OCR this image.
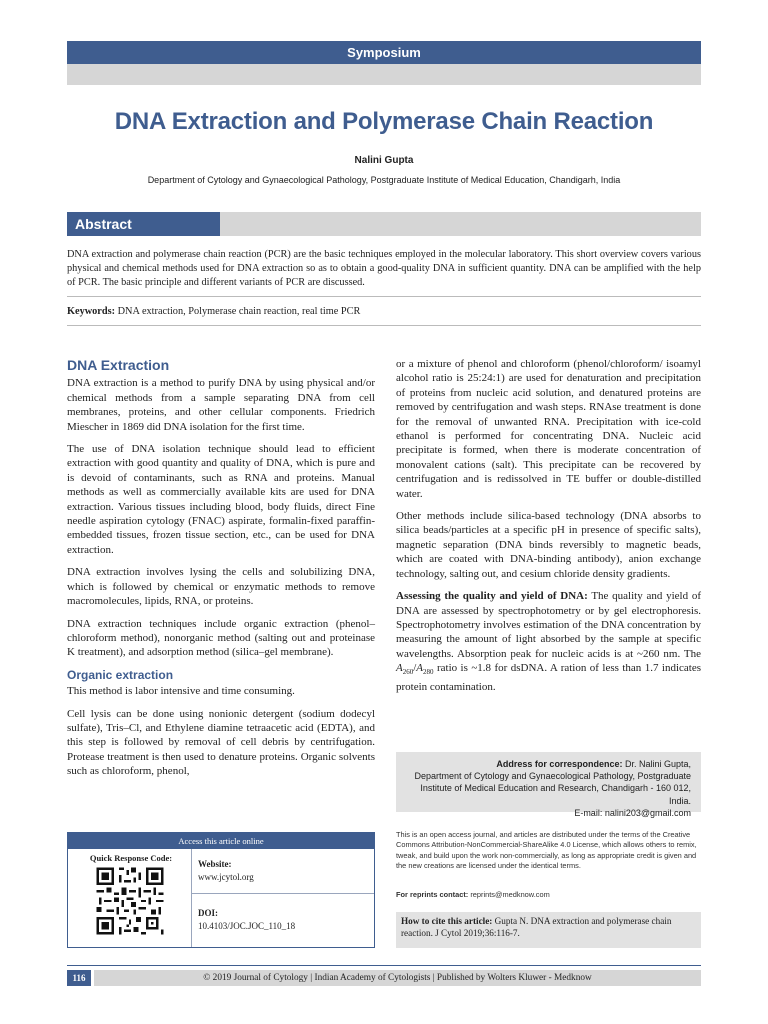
Symposium
DNA Extraction and Polymerase Chain Reaction
Nalini Gupta
Department of Cytology and Gynaecological Pathology, Postgraduate Institute of Medical Education, Chandigarh, India
Abstract
DNA extraction and polymerase chain reaction (PCR) are the basic techniques employed in the molecular laboratory. This short overview covers various physical and chemical methods used for DNA extraction so as to obtain a good-quality DNA in sufficient quantity. DNA can be amplified with the help of PCR. The basic principle and different variants of PCR are discussed.
Keywords: DNA extraction, Polymerase chain reaction, real time PCR
DNA Extraction

DNA extraction is a method to purify DNA by using physical and/or chemical methods from a sample separating DNA from cell membranes, proteins, and other cellular components. Friedrich Miescher in 1869 did DNA isolation for the first time.

The use of DNA isolation technique should lead to efficient extraction with good quantity and quality of DNA, which is pure and is devoid of contaminants, such as RNA and proteins. Manual methods as well as commercially available kits are used for DNA extraction. Various tissues including blood, body fluids, direct Fine needle aspiration cytology (FNAC) aspirate, formalin-fixed paraffin-embedded tissues, frozen tissue section, etc., can be used for DNA extraction.

DNA extraction involves lysing the cells and solubilizing DNA, which is followed by chemical or enzymatic methods to remove macromolecules, lipids, RNA, or proteins.

DNA extraction techniques include organic extraction (phenol–chloroform method), nonorganic method (salting out and proteinase K treatment), and adsorption method (silica–gel membrane).

Organic extraction

This method is labor intensive and time consuming.

Cell lysis can be done using nonionic detergent (sodium dodecyl sulfate), Tris–Cl, and Ethylene diamine tetraacetic acid (EDTA), and this step is followed by removal of cell debris by centrifugation. Protease treatment is then used to denature proteins. Organic solvents such as chloroform, phenol,

or a mixture of phenol and chloroform (phenol/chloroform/ isoamyl alcohol ratio is 25:24:1) are used for denaturation and precipitation of proteins from nucleic acid solution, and denatured proteins are removed by centrifugation and wash steps. RNAse treatment is done for the removal of unwanted RNA. Precipitation with ice-cold ethanol is performed for concentrating DNA. Nucleic acid precipitate is formed, when there is moderate concentration of monovalent cations (salt). This precipitate can be recovered by centrifugation and is redissolved in TE buffer or double-distilled water.

Other methods include silica-based technology (DNA absorbs to silica beads/particles at a specific pH in presence of specific salts), magnetic separation (DNA binds reversibly to magnetic beads, which are coated with DNA-binding antibody), anion exchange technology, salting out, and cesium chloride density gradients.

Assessing the quality and yield of DNA: The quality and yield of DNA are assessed by spectrophotometry or by gel electrophoresis. Spectrophotometry involves estimation of the DNA concentration by measuring the amount of light absorbed by the sample at specific wavelengths. Absorption peak for nucleic acids is at ~260 nm. The $A_{260}/A_{280}$ ratio is ~1.8 for dsDNA. A ration of less than 1.7 indicates protein contamination.

Address for correspondence: Dr. Nalini Gupta,
Department of Cytology and Gynaecological Pathology, Postgraduate
Institute of Medical Education and Research, Chandigarh - 160 012, India.
E-mail: nalini203@gmail.com
Access this article online
Quick Response Code:
Website:
www.jcytol.org
DOI:
10.4103/JOC.JOC_110_18
This is an open access journal, and articles are distributed under the terms of the Creative Commons Attribution-NonCommercial-ShareAlike 4.0 License, which allows others to remix, tweak, and build upon the work non-commercially, as long as appropriate credit is given and the new creations are licensed under the identical terms.
For reprints contact: reprints@medknow.com
How to cite this article: Gupta N. DNA extraction and polymerase chain reaction. J Cytol 2019;36:116-7.
116	© 2019 Journal of Cytology | Indian Academy of Cytologists | Published by Wolters Kluwer - Medknow
